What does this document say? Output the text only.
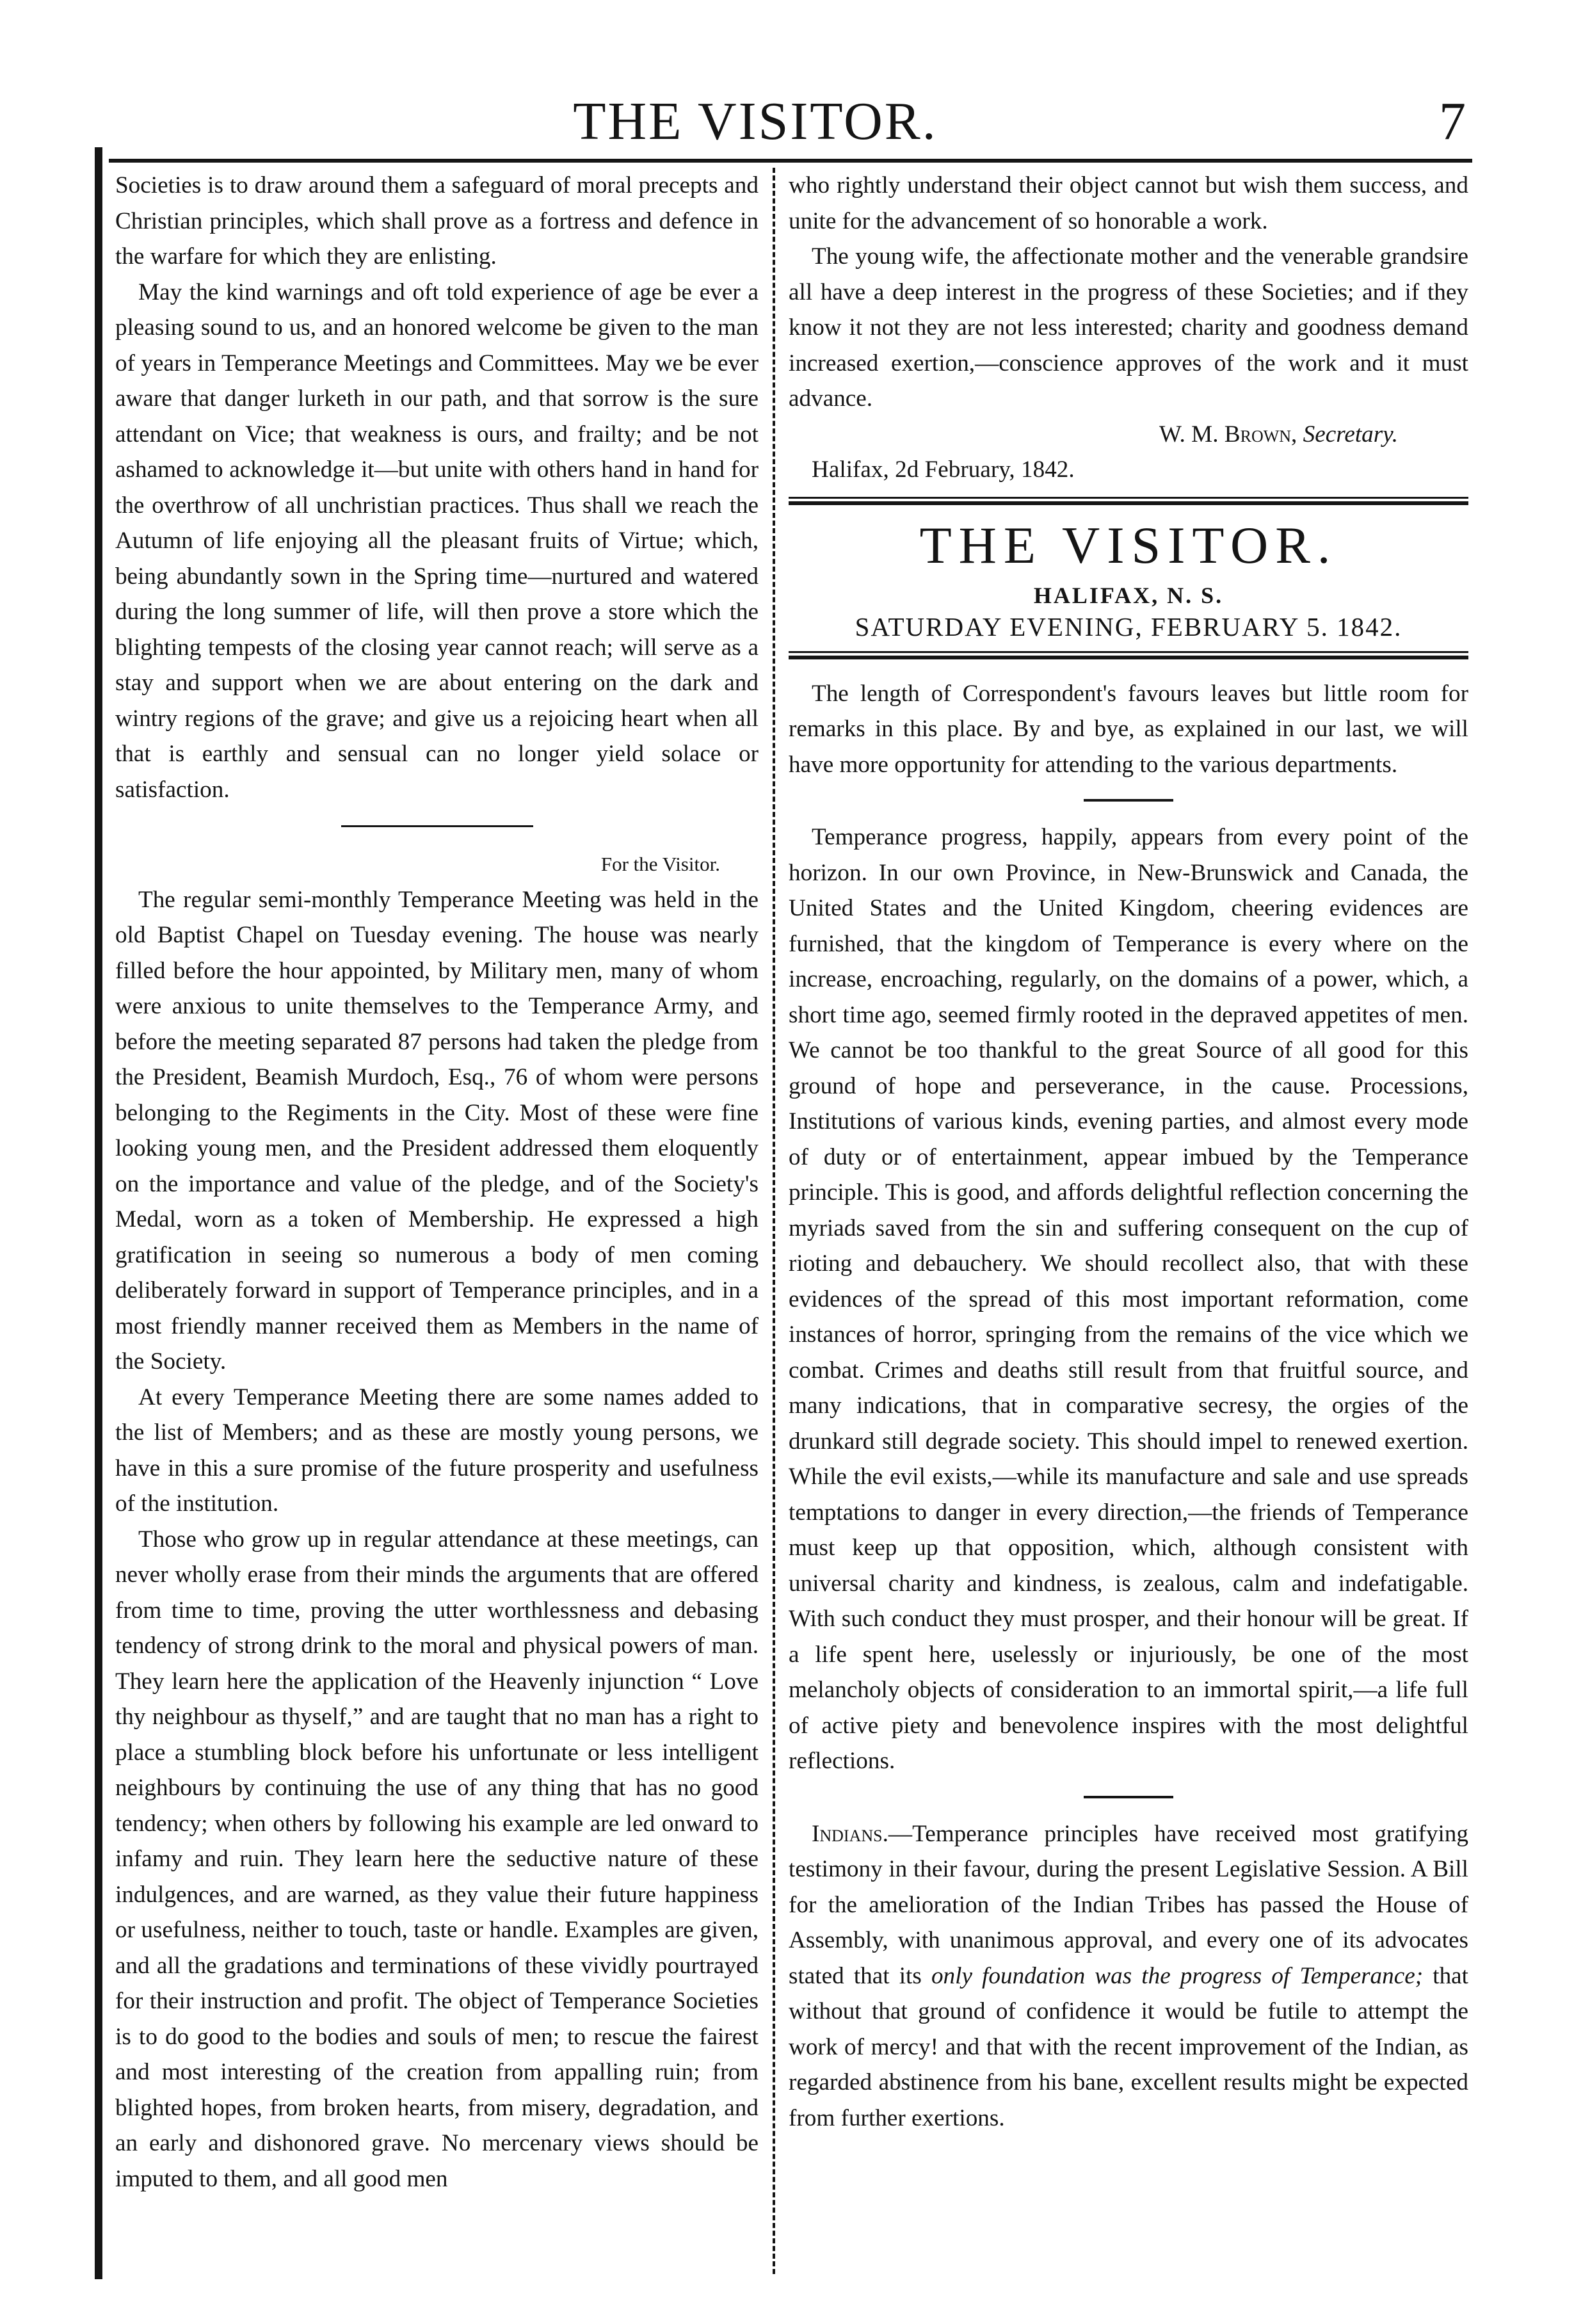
THE VISITOR.	7

Societies is to draw around them a safeguard of moral precepts and Christian principles, which shall prove as a fortress and defence in the warfare for which they are enlisting.

May the kind warnings and oft told experience of age be ever a pleasing sound to us, and an honored welcome be given to the man of years in Temperance Meetings and Committees. May we be ever aware that danger lurketh in our path, and that sorrow is the sure attendant on Vice; that weakness is ours, and frailty; and be not ashamed to acknowledge it—but unite with others hand in hand for the overthrow of all unchristian practices. Thus shall we reach the Autumn of life enjoying all the pleasant fruits of Virtue; which, being abundantly sown in the Spring time—nurtured and watered during the long summer of life, will then prove a store which the blighting tempests of the closing year cannot reach; will serve as a stay and support when we are about entering on the dark and wintry regions of the grave; and give us a rejoicing heart when all that is earthly and sensual can no longer yield solace or satisfaction.

For the Visitor.

The regular semi-monthly Temperance Meeting was held in the old Baptist Chapel on Tuesday evening. The house was nearly filled before the hour appointed, by Military men, many of whom were anxious to unite themselves to the Temperance Army, and before the meeting separated 87 persons had taken the pledge from the President, Beamish Murdoch, Esq., 76 of whom were persons belonging to the Regiments in the City. Most of these were fine looking young men, and the President addressed them eloquently on the importance and value of the pledge, and of the Society's Medal, worn as a token of Membership. He expressed a high gratification in seeing so numerous a body of men coming deliberately forward in support of Temperance principles, and in a most friendly manner received them as Members in the name of the Society.

At every Temperance Meeting there are some names added to the list of Members; and as these are mostly young persons, we have in this a sure promise of the future prosperity and usefulness of the institution.

Those who grow up in regular attendance at these meetings, can never wholly erase from their minds the arguments that are offered from time to time, proving the utter worthlessness and debasing tendency of strong drink to the moral and physical powers of man. They learn here the application of the Heavenly injunction “ Love thy neighbour as thyself,” and are taught that no man has a right to place a stumbling block before his unfortunate or less intelligent neighbours by continuing the use of any thing that has no good tendency; when others by following his example are led onward to infamy and ruin. They learn here the seductive nature of these indulgences, and are warned, as they value their future happiness or usefulness, neither to touch, taste or handle. Examples are given, and all the gradations and terminations of these vividly pourtrayed for their instruction and profit. The object of Temperance Societies is to do good to the bodies and souls of men; to rescue the fairest and most interesting of the creation from appalling ruin; from blighted hopes, from broken hearts, from misery, degradation, and an early and dishonored grave. No mercenary views should be imputed to them, and all good men

who rightly understand their object cannot but wish them success, and unite for the advancement of so honorable a work.

The young wife, the affectionate mother and the venerable grandsire all have a deep interest in the progress of these Societies; and if they know it not they are not less interested; charity and goodness demand increased exertion,—conscience approves of the work and it must advance.

W. M. Brown, Secretary.

Halifax, 2d February, 1842.

THE VISITOR.
HALIFAX, N. S.
SATURDAY EVENING, FEBRUARY 5. 1842.

The length of Correspondent's favours leaves but little room for remarks in this place. By and bye, as explained in our last, we will have more opportunity for attending to the various departments.

Temperance progress, happily, appears from every point of the horizon. In our own Province, in New-Brunswick and Canada, the United States and the United Kingdom, cheering evidences are furnished, that the kingdom of Temperance is every where on the increase, encroaching, regularly, on the domains of a power, which, a short time ago, seemed firmly rooted in the depraved appetites of men. We cannot be too thankful to the great Source of all good for this ground of hope and perseverance, in the cause. Processions, Institutions of various kinds, evening parties, and almost every mode of duty or of entertainment, appear imbued by the Temperance principle. This is good, and affords delightful reflection concerning the myriads saved from the sin and suffering consequent on the cup of rioting and debauchery. We should recollect also, that with these evidences of the spread of this most important reformation, come instances of horror, springing from the remains of the vice which we combat. Crimes and deaths still result from that fruitful source, and many indications, that in comparative secresy, the orgies of the drunkard still degrade society. This should impel to renewed exertion. While the evil exists,—while its manufacture and sale and use spreads temptations to danger in every direction,—the friends of Temperance must keep up that opposition, which, although consistent with universal charity and kindness, is zealous, calm and indefatigable. With such conduct they must prosper, and their honour will be great. If a life spent here, uselessly or injuriously, be one of the most melancholy objects of consideration to an immortal spirit,—a life full of active piety and benevolence inspires with the most delightful reflections.

Indians.—Temperance principles have received most gratifying testimony in their favour, during the present Legislative Session. A Bill for the amelioration of the Indian Tribes has passed the House of Assembly, with unanimous approval, and every one of its advocates stated that its only foundation was the progress of Temperance; that without that ground of confidence it would be futile to attempt the work of mercy! and that with the recent improvement of the Indian, as regarded abstinence from his bane, excellent results might be expected from further exertions.
